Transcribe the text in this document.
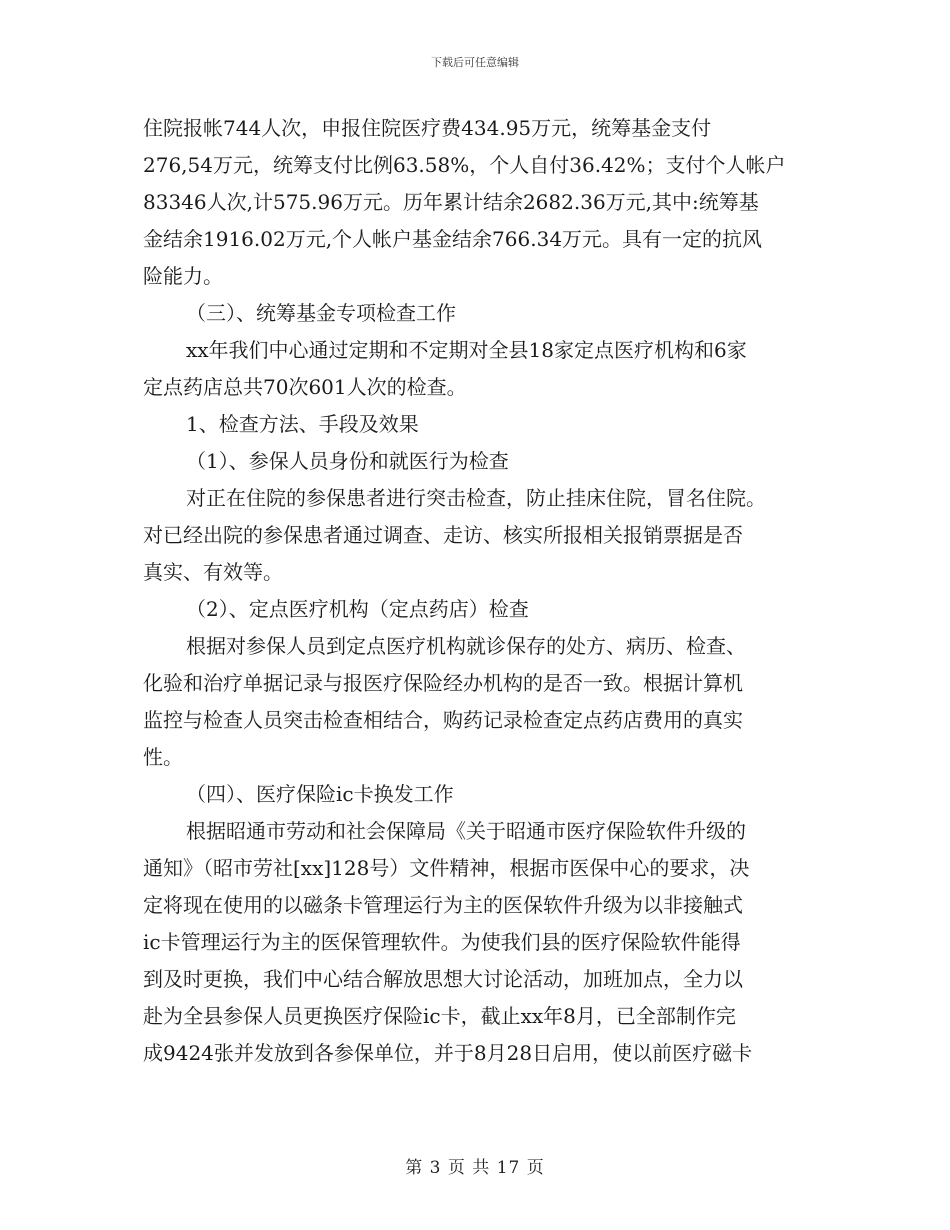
下载后可任意编辑
住院报帐744人次，申报住院医疗费434.95万元，统筹基金支付
276,54万元，统筹支付比例63.58%，个人自付36.42%；支付个人帐户
83346人次,计575.96万元。历年累计结余2682.36万元,其中:统筹基
金结余1916.02万元,个人帐户基金结余766.34万元。具有一定的抗风
险能力。
（三）、统筹基金专项检查工作
xx年我们中心通过定期和不定期对全县18家定点医疗机构和6家
定点药店总共70次601人次的检查。
1、检查方法、手段及效果
（1）、参保人员身份和就医行为检查
对正在住院的参保患者进行突击检查，防止挂床住院，冒名住院。
对已经出院的参保患者通过调查、走访、核实所报相关报销票据是否
真实、有效等。
（2）、定点医疗机构（定点药店）检查
根据对参保人员到定点医疗机构就诊保存的处方、病历、检查、
化验和治疗单据记录与报医疗保险经办机构的是否一致。根据计算机
监控与检查人员突击检查相结合，购药记录检查定点药店费用的真实
性。
（四）、医疗保险ic卡换发工作
根据昭通市劳动和社会保障局《关于昭通市医疗保险软件升级的
通知》（昭市劳社[xx]128号）文件精神，根据市医保中心的要求，决
定将现在使用的以磁条卡管理运行为主的医保软件升级为以非接触式
ic卡管理运行为主的医保管理软件。为使我们县的医疗保险软件能得
到及时更换，我们中心结合解放思想大讨论活动，加班加点，全力以
赴为全县参保人员更换医疗保险ic卡，截止xx年8月，已全部制作完
成9424张并发放到各参保单位，并于8月28日启用，使以前医疗磁卡
第 3 页 共 17 页
